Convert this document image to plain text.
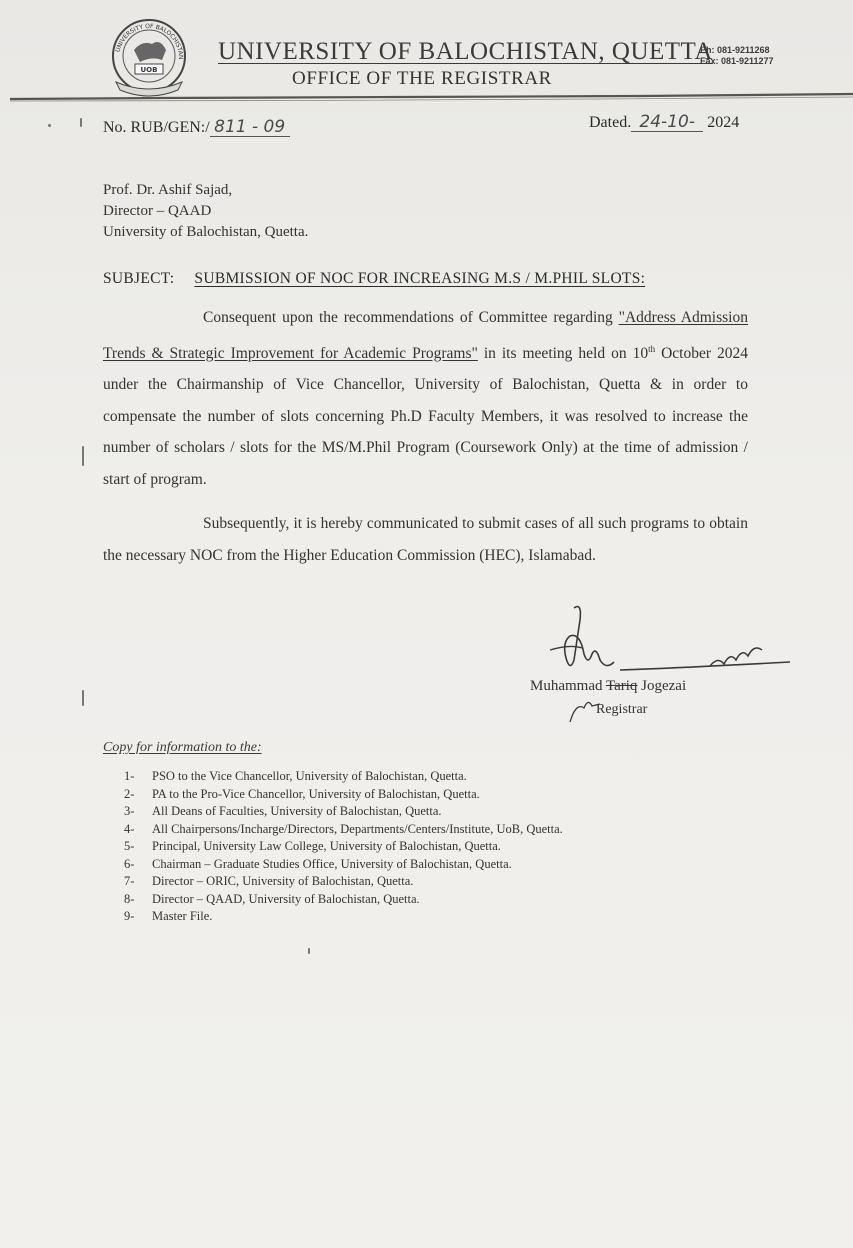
UNIVERSITY OF BALOCHISTAN
UOB
UNIVERSITY OF BALOCHISTAN, QUETTA
OFFICE OF THE REGISTRAR
Ph: 081-9211268
Fax: 081-9211277
No. RUB/GEN:/ 811 - 09	Dated. 24-10- 2024
Prof. Dr. Ashif Sajad,
Director – QAAD
University of Balochistan, Quetta.
SUBJECT: SUBMISSION OF NOC FOR INCREASING M.S / M.PHIL SLOTS:
Consequent upon the recommendations of Committee regarding "Address Admission Trends & Strategic Improvement for Academic Programs" in its meeting held on 10th October 2024 under the Chairmanship of Vice Chancellor, University of Balochistan, Quetta & in order to compensate the number of slots concerning Ph.D Faculty Members, it was resolved to increase the number of scholars / slots for the MS/M.Phil Program (Coursework Only) at the time of admission / start of program.
Subsequently, it is hereby communicated to submit cases of all such programs to obtain the necessary NOC from the Higher Education Commission (HEC), Islamabad.
Muhammad Tariq Jogezai
Registrar
Copy for information to the:
1- PSO to the Vice Chancellor, University of Balochistan, Quetta.
2- PA to the Pro-Vice Chancellor, University of Balochistan, Quetta.
3- All Deans of Faculties, University of Balochistan, Quetta.
4- All Chairpersons/Incharge/Directors, Departments/Centers/Institute, UoB, Quetta.
5- Principal, University Law College, University of Balochistan, Quetta.
6- Chairman – Graduate Studies Office, University of Balochistan, Quetta.
7- Director – ORIC, University of Balochistan, Quetta.
8- Director – QAAD, University of Balochistan, Quetta.
9- Master File.
